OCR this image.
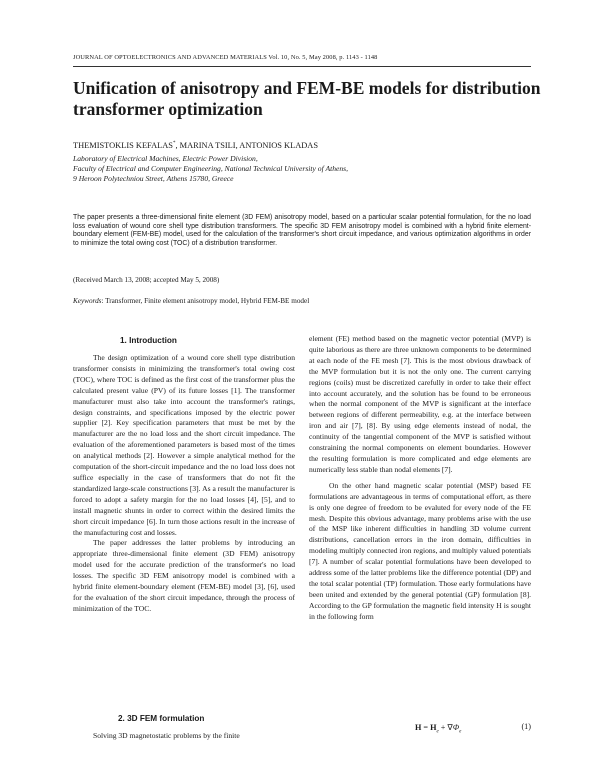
JOURNAL OF OPTOELECTRONICS AND ADVANCED MATERIALS Vol. 10, No. 5, May 2008, p. 1143 - 1148
Unification of anisotropy and FEM-BE models for distribution transformer optimization
THEMISTOKLIS KEFALAS*, MARINA TSILI, ANTONIOS KLADAS
Laboratory of Electrical Machines, Electric Power Division,
Faculty of Electrical and Computer Engineering, National Technical University of Athens,
9 Heroon Polytechniou Street, Athens 15780, Greece

The paper presents a three-dimensional finite element (3D FEM) anisotropy model, based on a particular scalar potential formulation, for the no load loss evaluation of wound core shell type distribution transformers. The specific 3D FEM anisotropy model is combined with a hybrid finite element-boundary element (FEM-BE) model, used for the calculation of the transformer's short circuit impedance, and various optimization algorithms in order to minimize the total owing cost (TOC) of a distribution transformer.

(Received March 13, 2008; accepted May 5, 2008)
Keywords: Transformer, Finite element anisotropy model, Hybrid FEM-BE model
1. Introduction

The design optimization of a wound core shell type distribution transformer consists in minimizing the transformer's total owing cost (TOC), where TOC is defined as the first cost of the transformer plus the calculated present value (PV) of its future losses [1]. The transformer manufacturer must also take into account the transformer's ratings, design constraints, and specifications imposed by the electric power supplier [2]. Key specification parameters that must be met by the manufacturer are the no load loss and the short circuit impedance. The evaluation of the aforementioned parameters is based most of the times on analytical methods [2]. However a simple analytical method for the computation of the short-circuit impedance and the no load loss does not suffice especially in the case of transformers that do not fit the standardized large-scale constructions [3]. As a result the manufacturer is forced to adopt a safety margin for the no load losses [4], [5], and to install magnetic shunts in order to correct within the desired limits the short circuit impedance [6]. In turn those actions result in the increase of the manufacturing cost and losses.

The paper addresses the latter problems by introducing an appropriate three-dimensional finite element (3D FEM) anisotropy model used for the accurate prediction of the transformer's no load losses. The specific 3D FEM anisotropy model is combined with a hybrid finite element-boundary element (FEM-BE) model [3], [6], used for the evaluation of the short circuit impedance, through the process of minimization of the TOC.

2. 3D FEM formulation

Solving 3D magnetostatic problems by the finite

element (FE) method based on the magnetic vector potential (MVP) is quite laborious as there are three unknown components to be determined at each node of the FE mesh [7]. This is the most obvious drawback of the MVP formulation but it is not the only one. The current carrying regions (coils) must be discretized carefully in order to take their effect into account accurately, and the solution has be found to be erroneous when the normal component of the MVP is significant at the interface between regions of different permeability, e.g. at the interface between iron and air [7], [8]. By using edge elements instead of nodal, the continuity of the tangential component of the MVP is satisfied without constraining the normal components on element boundaries. However the resulting formulation is more complicated and edge elements are numerically less stable than nodal elements [7].

On the other hand magnetic scalar potential (MSP) based FE formulations are advantageous in terms of computational effort, as there is only one degree of freedom to be evaluted for every node of the FE mesh. Despite this obvious advantage, many problems arise with the use of the MSP like inherent difficulties in handling 3D volume current distributions, cancellation errors in the iron domain, difficulties in modeling multiply connected iron regions, and multiply valued potentials [7]. A number of scalar potential formulations have been developed to address some of the latter problems like the difference potential (DP) and the total scalar potential (TP) formulation. Those early formulations have been united and extended by the general potential (GP) formulation [8]. According to the GP formulation the magnetic field intensity H is sought in the following form

$H = H_e + \nabla\Phi_e$
(1)
